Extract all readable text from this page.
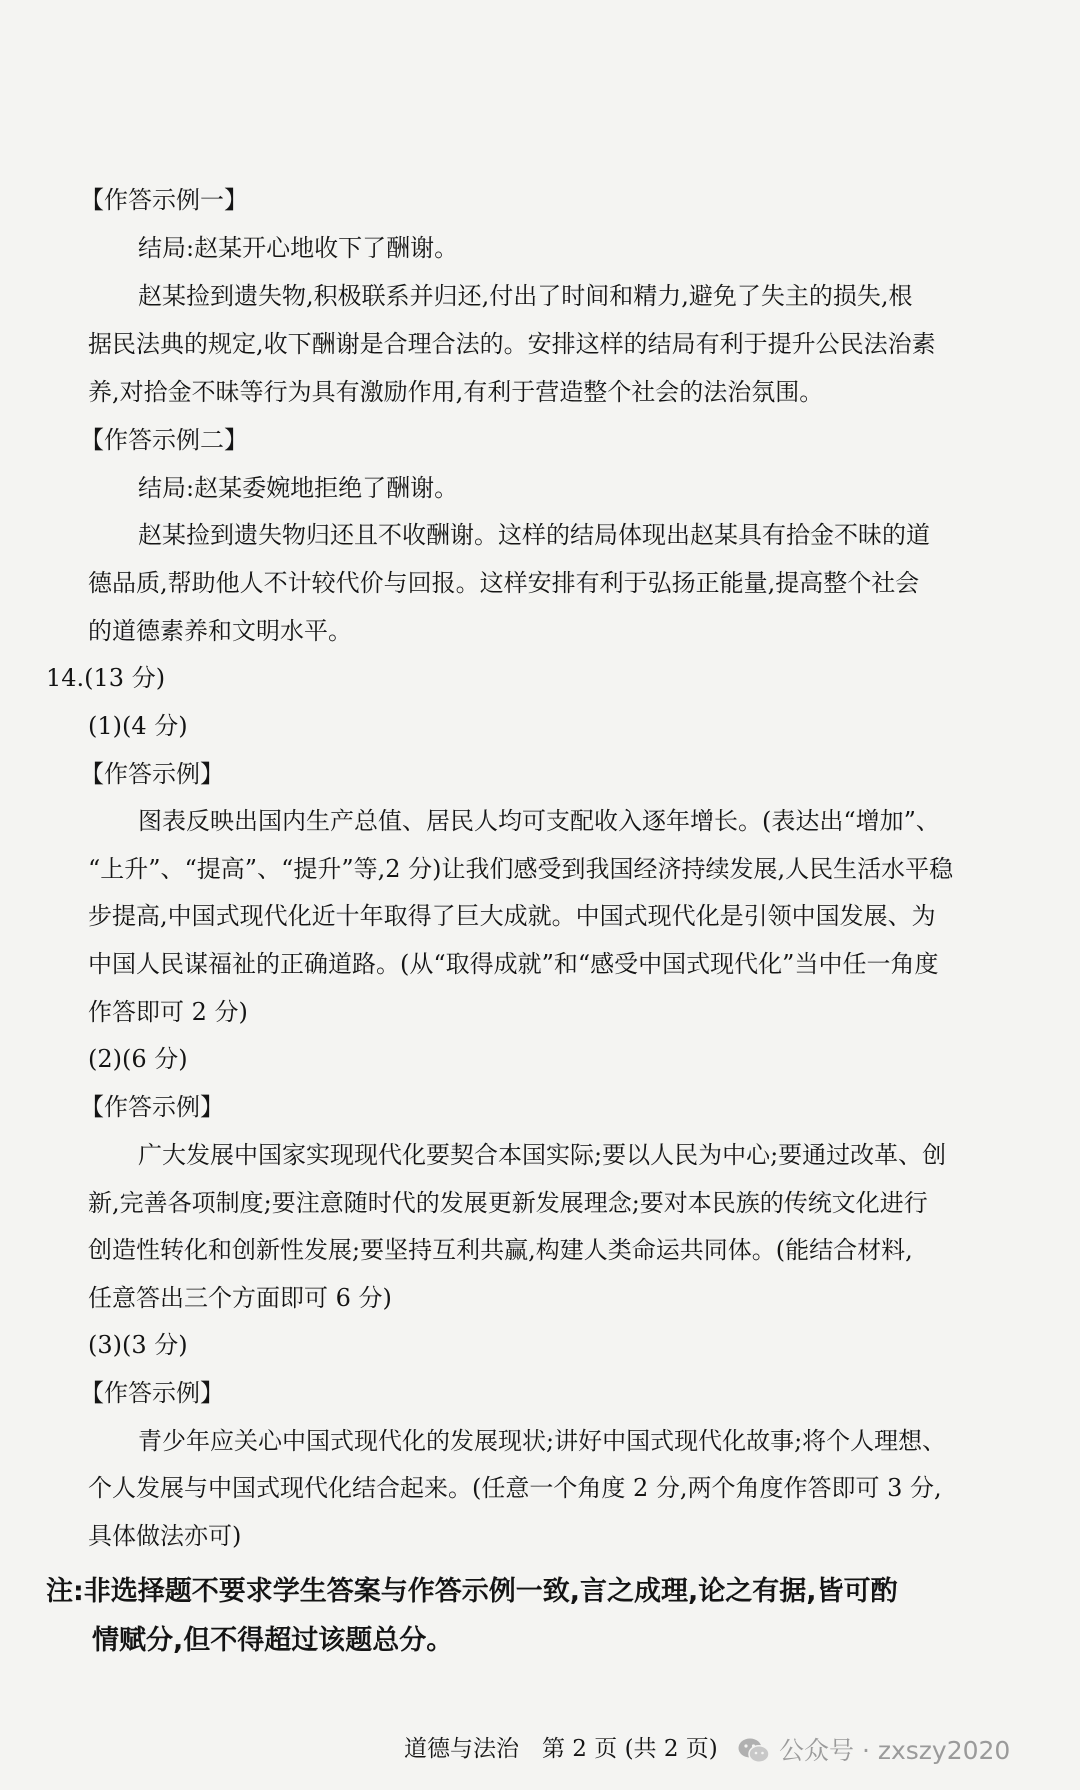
【作答示例一】
结局:赵某开心地收下了酬谢。
赵某捡到遗失物,积极联系并归还,付出了时间和精力,避免了失主的损失,根
据民法典的规定,收下酬谢是合理合法的。安排这样的结局有利于提升公民法治素
养,对拾金不昧等行为具有激励作用,有利于营造整个社会的法治氛围。
【作答示例二】
结局:赵某委婉地拒绝了酬谢。
赵某捡到遗失物归还且不收酬谢。这样的结局体现出赵某具有拾金不昧的道
德品质,帮助他人不计较代价与回报。这样安排有利于弘扬正能量,提高整个社会
的道德素养和文明水平。
14.(13 分)
(1)(4 分)
【作答示例】
图表反映出国内生产总值、居民人均可支配收入逐年增长。(表达出“增加”、
“上升”、“提高”、“提升”等,2 分)让我们感受到我国经济持续发展,人民生活水平稳
步提高,中国式现代化近十年取得了巨大成就。中国式现代化是引领中国发展、为
中国人民谋福祉的正确道路。(从“取得成就”和“感受中国式现代化”当中任一角度
作答即可 2 分)
(2)(6 分)
【作答示例】
广大发展中国家实现现代化要契合本国实际;要以人民为中心;要通过改革、创
新,完善各项制度;要注意随时代的发展更新发展理念;要对本民族的传统文化进行
创造性转化和创新性发展;要坚持互利共赢,构建人类命运共同体。(能结合材料,
任意答出三个方面即可 6 分)
(3)(3 分)
【作答示例】
青少年应关心中国式现代化的发展现状;讲好中国式现代化故事;将个人理想、
个人发展与中国式现代化结合起来。(任意一个角度 2 分,两个角度作答即可 3 分,
具体做法亦可)
注:非选择题不要求学生答案与作答示例一致,言之成理,论之有据,皆可酌
情赋分,但不得超过该题总分。
道德与法治　第 2 页 (共 2 页) 公众号 · zxszy2020
